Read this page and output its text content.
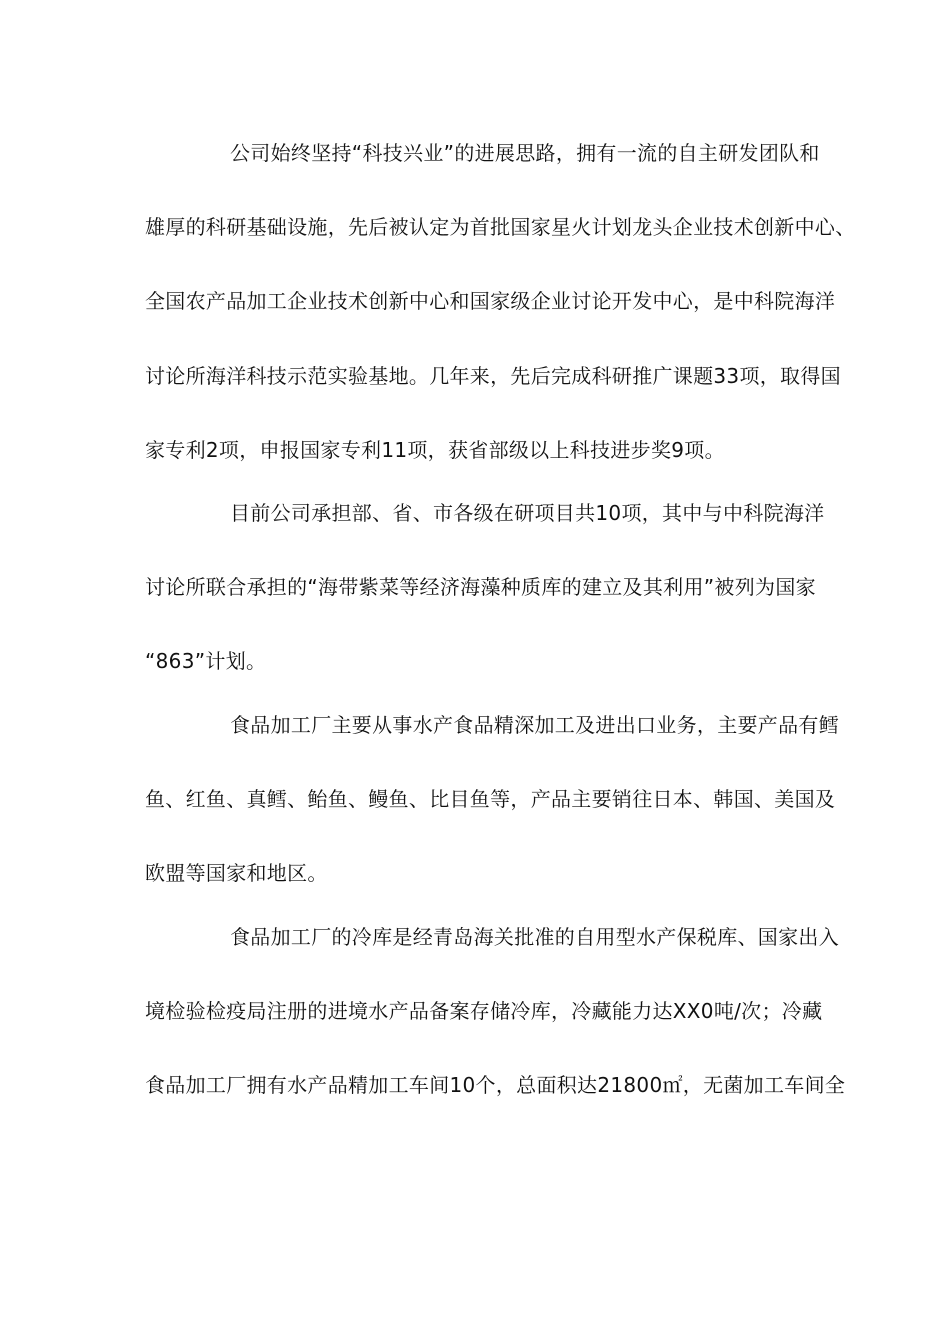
公司始终坚持“科技兴业”的进展思路，拥有一流的自主研发团队和
雄厚的科研基础设施，先后被认定为首批国家星火计划龙头企业技术创新中心、
全国农产品加工企业技术创新中心和国家级企业讨论开发中心，是中科院海洋
讨论所海洋科技示范实验基地。几年来，先后完成科研推广课题33项，取得国
家专利2项，申报国家专利11项，获省部级以上科技进步奖9项。
目前公司承担部、省、市各级在研项目共10项，其中与中科院海洋
讨论所联合承担的“海带紫菜等经济海藻种质库的建立及其利用”被列为国家
“863”计划。
食品加工厂主要从事水产食品精深加工及进出口业务，主要产品有鳕
鱼、红鱼、真鳕、鲐鱼、鳗鱼、比目鱼等，产品主要销往日本、韩国、美国及
欧盟等国家和地区。
食品加工厂的冷库是经青岛海关批准的自用型水产保税库、国家出入
境检验检疫局注册的进境水产品备案存储冷库，冷藏能力达XX0吨/次；冷藏
食品加工厂拥有水产品精加工车间10个，总面积达21800㎡，无菌加工车间全
